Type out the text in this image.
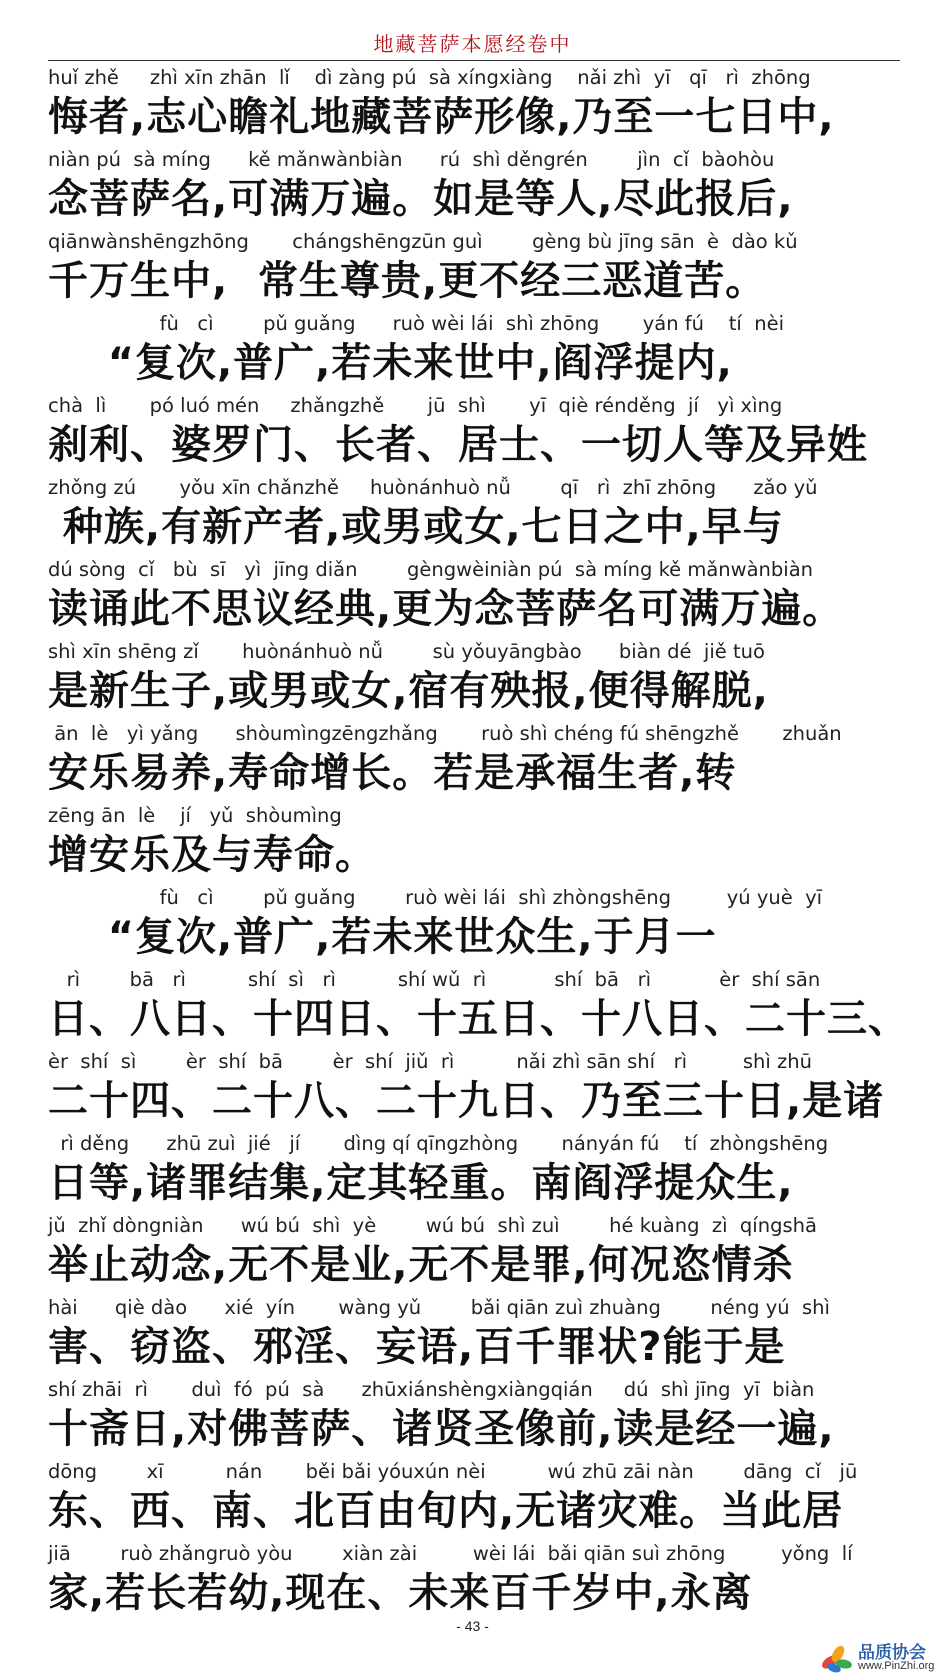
地藏菩萨本愿经卷中
huǐ zhě     zhì xīn zhān  lǐ    dì zàng pú  sà xíngxiàng    nǎi zhì  yī   qī   rì  zhōng
悔者,志心瞻礼地藏菩萨形像,乃至一七日中,
niàn pú  sà míng      kě mǎnwànbiàn      rú  shì děngrén        jìn  cǐ  bàohòu
念菩萨名,可满万遍。如是等人,尽此报后,
qiānwànshēngzhōng       chángshēngzūn guì        gèng bù jīng sān  è  dào kǔ
千万生中,  常生尊贵,更不经三恶道苦。
fù   cì        pǔ guǎng      ruò wèi lái  shì zhōng       yán fú    tí  nèi
“复次,普广,若未来世中,阎浮提内,
chà  lì       pó luó mén     zhǎngzhě       jū  shì       yī  qiè rénděng  jí   yì xìng
刹利、婆罗门、长者、居士、一切人等及异姓
zhǒng zú       yǒu xīn chǎnzhě     huònánhuò nǚ        qī   rì  zhī zhōng      zǎo yǔ
种族,有新产者,或男或女,七日之中,早与
dú sòng  cǐ   bù  sī   yì  jīng diǎn        gèngwèiniàn pú  sà míng kě mǎnwànbiàn
读诵此不思议经典,更为念菩萨名可满万遍。
shì xīn shēng zǐ       huònánhuò nǚ        sù yǒuyāngbào      biàn dé  jiě tuō
是新生子,或男或女,宿有殃报,便得解脱,
ān  lè   yì yǎng      shòumìngzēngzhǎng       ruò shì chéng fú shēngzhě       zhuǎn
安乐易养,寿命增长。若是承福生者,转
zēng ān  lè    jí   yǔ  shòumìng
增安乐及与寿命。
fù   cì        pǔ guǎng        ruò wèi lái  shì zhòngshēng         yú yuè  yī
“复次,普广,若未来世众生,于月一
rì        bā   rì          shí  sì   rì          shí wǔ  rì           shí  bā   rì           èr  shí sān
日、八日、十四日、十五日、十八日、二十三、
èr  shí  sì        èr  shí  bā        èr  shí  jiǔ  rì          nǎi zhì sān shí   rì         shì zhū
二十四、二十八、二十九日、乃至三十日,是诸
rì děng      zhū zuì  jié   jí       dìng qí qīngzhòng       nányán fú    tí  zhòngshēng
日等,诸罪结集,定其轻重。南阎浮提众生,
jǔ  zhǐ dòngniàn      wú bú  shì  yè        wú bú  shì zuì        hé kuàng  zì  qíngshā
举止动念,无不是业,无不是罪,何况恣情杀
hài      qiè dào      xié  yín       wàng yǔ        bǎi qiān zuì zhuàng        néng yú  shì
害、窃盗、邪淫、妄语,百千罪状?能于是
shí zhāi  rì       duì  fó  pú  sà      zhūxiánshèngxiàngqián     dú  shì jīng  yī  biàn
十斋日,对佛菩萨、诸贤圣像前,读是经一遍,
dōng        xī          nán       běi bǎi yóuxún nèi          wú zhū zāi nàn        dāng  cǐ   jū
东、西、南、北百由旬内,无诸灾难。当此居
jiā        ruò zhǎngruò yòu        xiàn zài         wèi lái  bǎi qiān suì zhōng         yǒng  lí
家,若长若幼,现在、未来百千岁中,永离
- 43 -
品质协会
www.PinZhi.org
